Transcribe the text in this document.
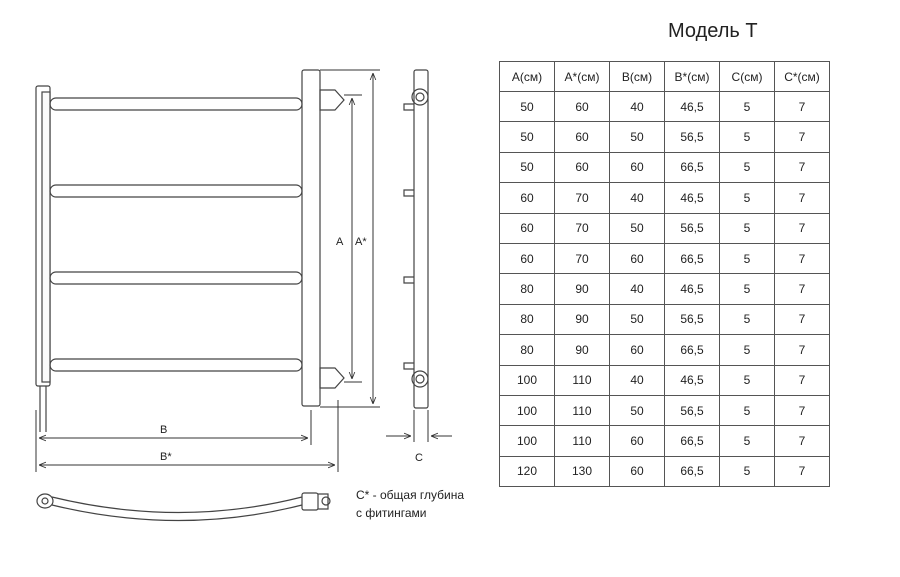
Модель Т
A A*
B
B*	C
A(см)	A*(см)	B(см)	B*(см)	C(см)	C*(см)
50	60	40	46,5	5	7
50	60	50	56,5	5	7
50	60	60	66,5	5	7
60	70	40	46,5	5	7
60	70	50	56,5	5	7
60	70	60	66,5	5	7
80	90	40	46,5	5	7
80	90	50	56,5	5	7
80	90	60	66,5	5	7
100	110	40	46,5	5	7
100	110	50	56,5	5	7
100	110	60	66,5	5	7
120	130	60	66,5	5	7
C* - общая глубина
с фитингами
